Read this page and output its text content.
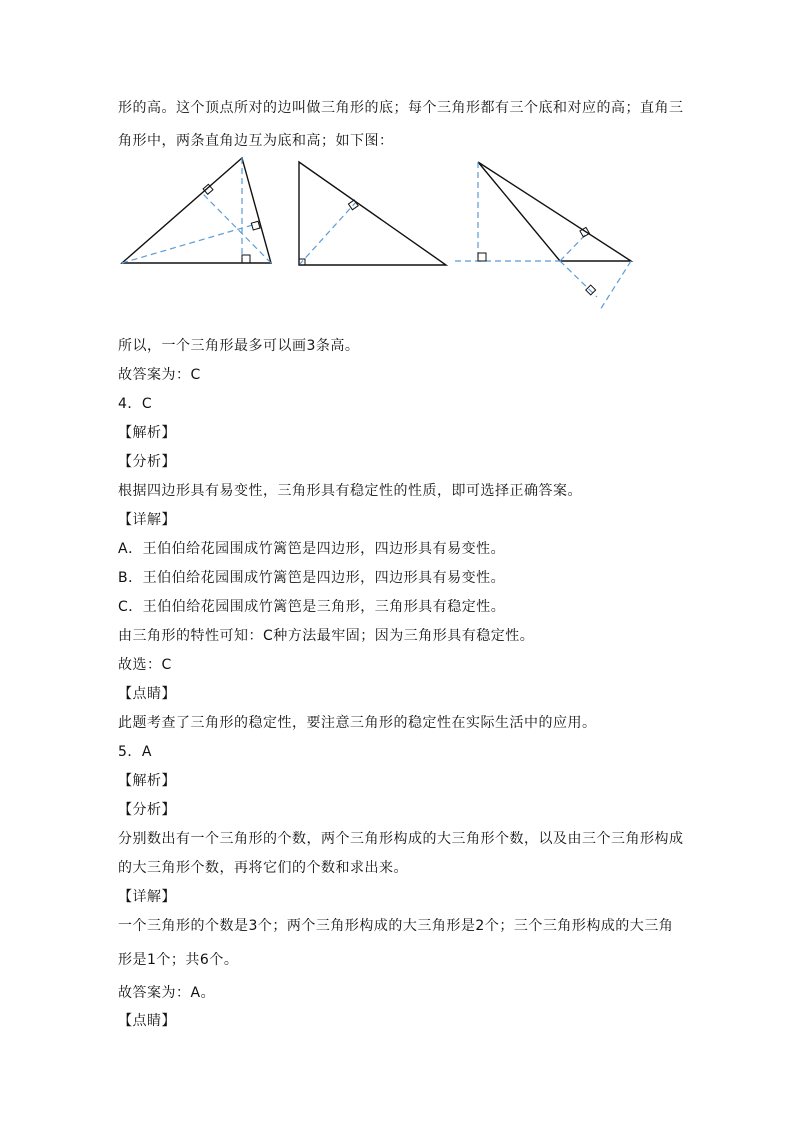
形的高。这个顶点所对的边叫做三角形的底；每个三角形都有三个底和对应的高；直角三
角形中，两条直角边互为底和高；如下图：
所以，一个三角形最多可以画3条高。
故答案为：C
4．C
【解析】
【分析】
根据四边形具有易变性，三角形具有稳定性的性质，即可选择正确答案。
【详解】
A．王伯伯给花园围成竹篱笆是四边形，四边形具有易变性。
B．王伯伯给花园围成竹篱笆是四边形，四边形具有易变性。
C．王伯伯给花园围成竹篱笆是三角形，三角形具有稳定性。
由三角形的特性可知：C种方法最牢固；因为三角形具有稳定性。
故选：C
【点睛】
此题考查了三角形的稳定性，要注意三角形的稳定性在实际生活中的应用。
5．A
【解析】
【分析】
分别数出有一个三角形的个数，两个三角形构成的大三角形个数，以及由三个三角形构成
的大三角形个数，再将它们的个数和求出来。
【详解】
一个三角形的个数是3个；两个三角形构成的大三角形是2个；三个三角形构成的大三角
形是1个；共6个。
故答案为：A。
【点睛】
